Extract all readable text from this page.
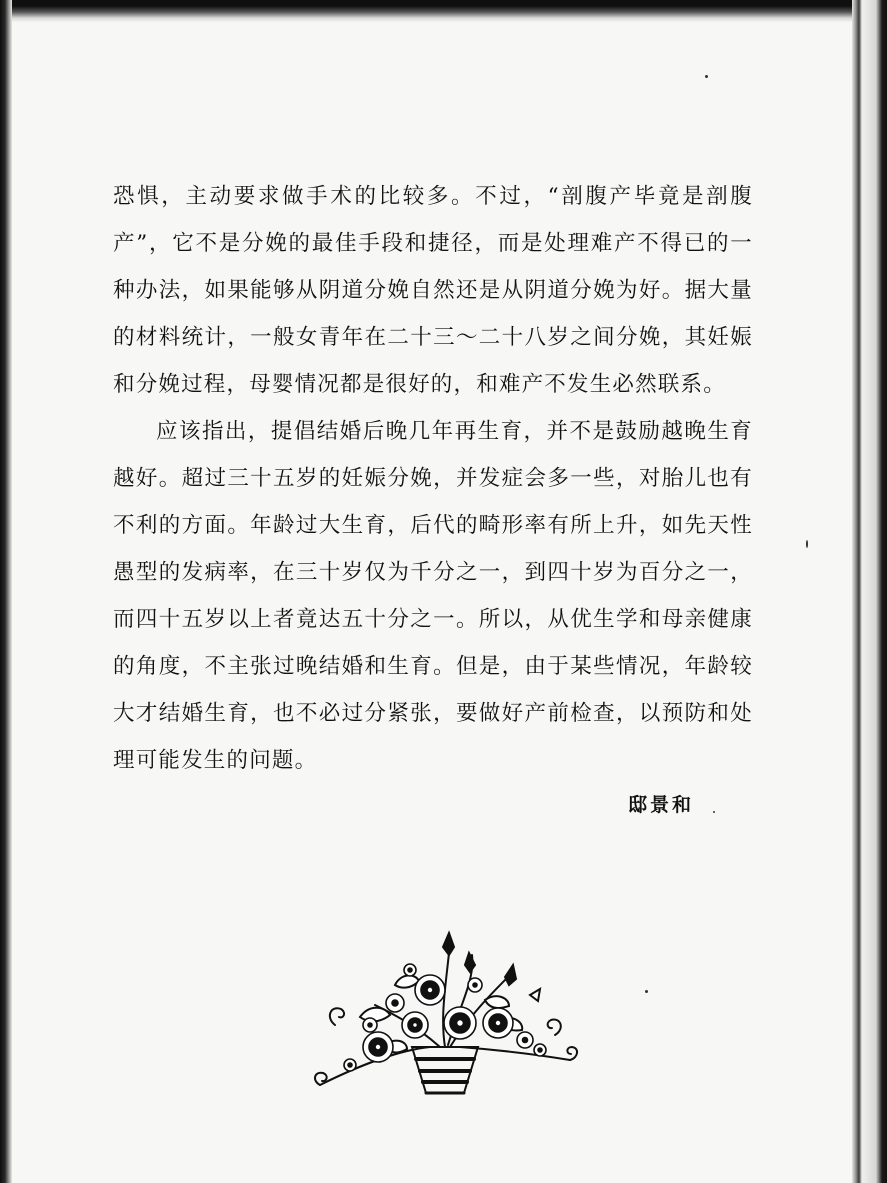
恐惧，主动要求做手术的比较多。不过，“剖腹产毕竟是剖腹产”，它不是分娩的最佳手段和捷径，而是处理难产不得已的一种办法，如果能够从阴道分娩自然还是从阴道分娩为好。据大量的材料统计，一般女青年在二十三～二十八岁之间分娩，其妊娠和分娩过程，母婴情况都是很好的，和难产不发生必然联系。

应该指出，提倡结婚后晚几年再生育，并不是鼓励越晚生育越好。超过三十五岁的妊娠分娩，并发症会多一些，对胎儿也有不利的方面。年龄过大生育，后代的畸形率有所上升，如先天性愚型的发病率，在三十岁仅为千分之一，到四十岁为百分之一，而四十五岁以上者竟达五十分之一。所以，从优生学和母亲健康的角度，不主张过晚结婚和生育。但是，由于某些情况，年龄较大才结婚生育，也不必过分紧张，要做好产前检查，以预防和处理可能发生的问题。

邸景和
